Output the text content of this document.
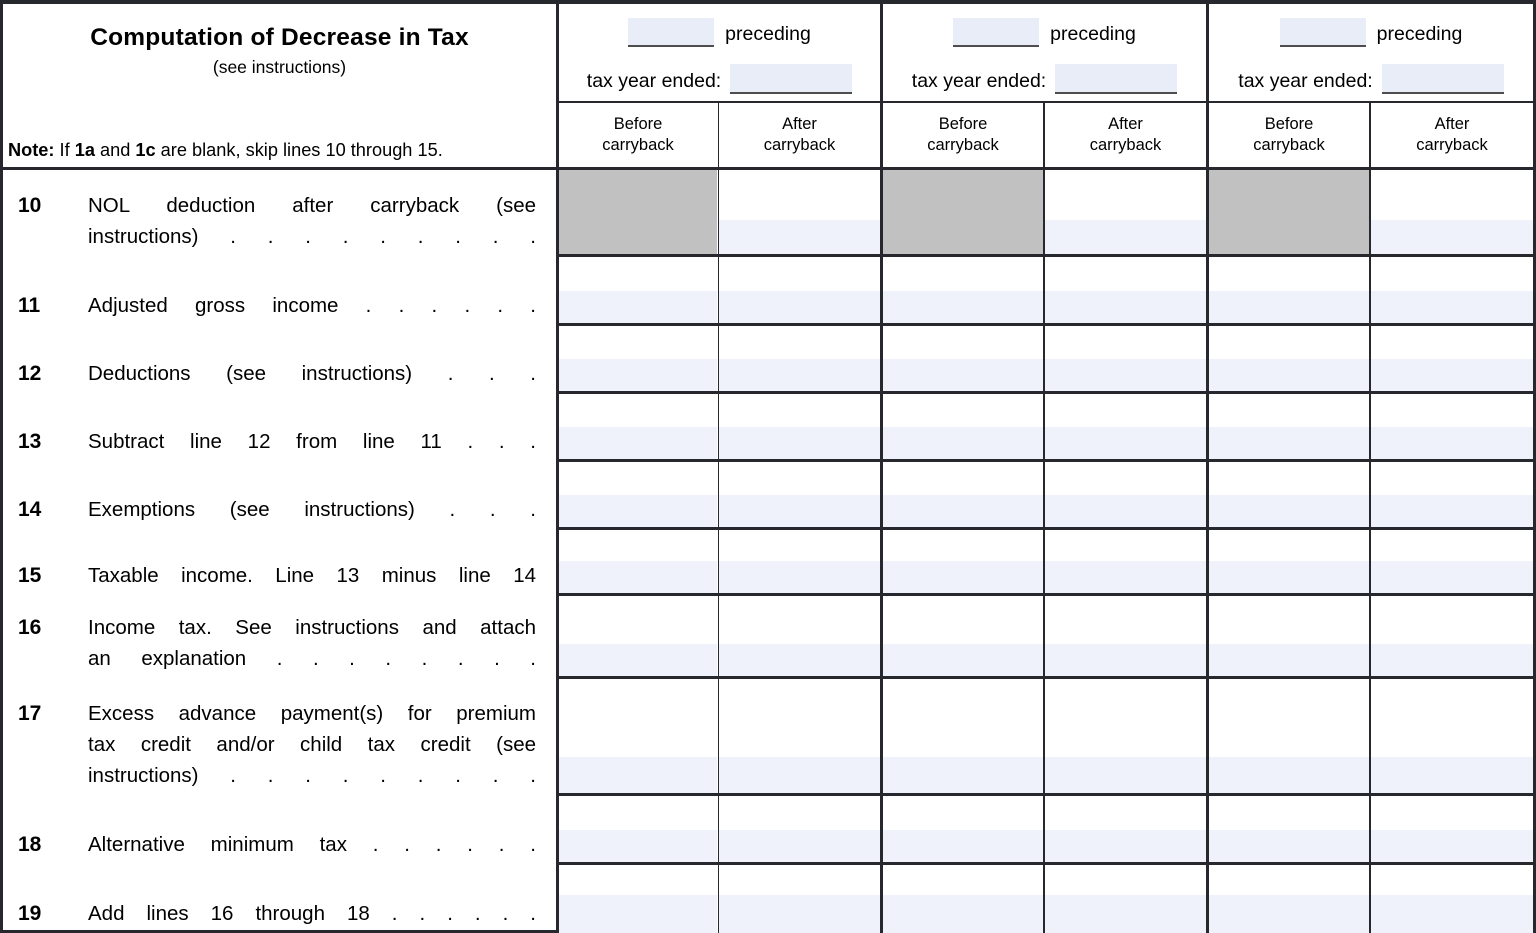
Computation of Decrease in Tax
(see instructions)
Note: If 1a and 1c are blank, skip lines 10 through 15.
preceding
tax year ended:
preceding
tax year ended:
preceding
tax year ended:
Before
carryback
After
carryback
Before
carryback
After
carryback
Before
carryback
After
carryback
10 NOL deduction after carryback (see
instructions) . . . . . . . . .
11 Adjusted gross income . . . . . .
12 Deductions (see instructions) . . .
13 Subtract line 12 from line 11 . . .
14 Exemptions (see instructions) . . .
15 Taxable income. Line 13 minus line 14
16 Income tax. See instructions and attach
an explanation . . . . . . . .
17 Excess advance payment(s) for premium
tax credit and/or child tax credit (see
instructions) . . . . . . . . .
18 Alternative minimum tax . . . . . .
19 Add lines 16 through 18 . . . . . .
